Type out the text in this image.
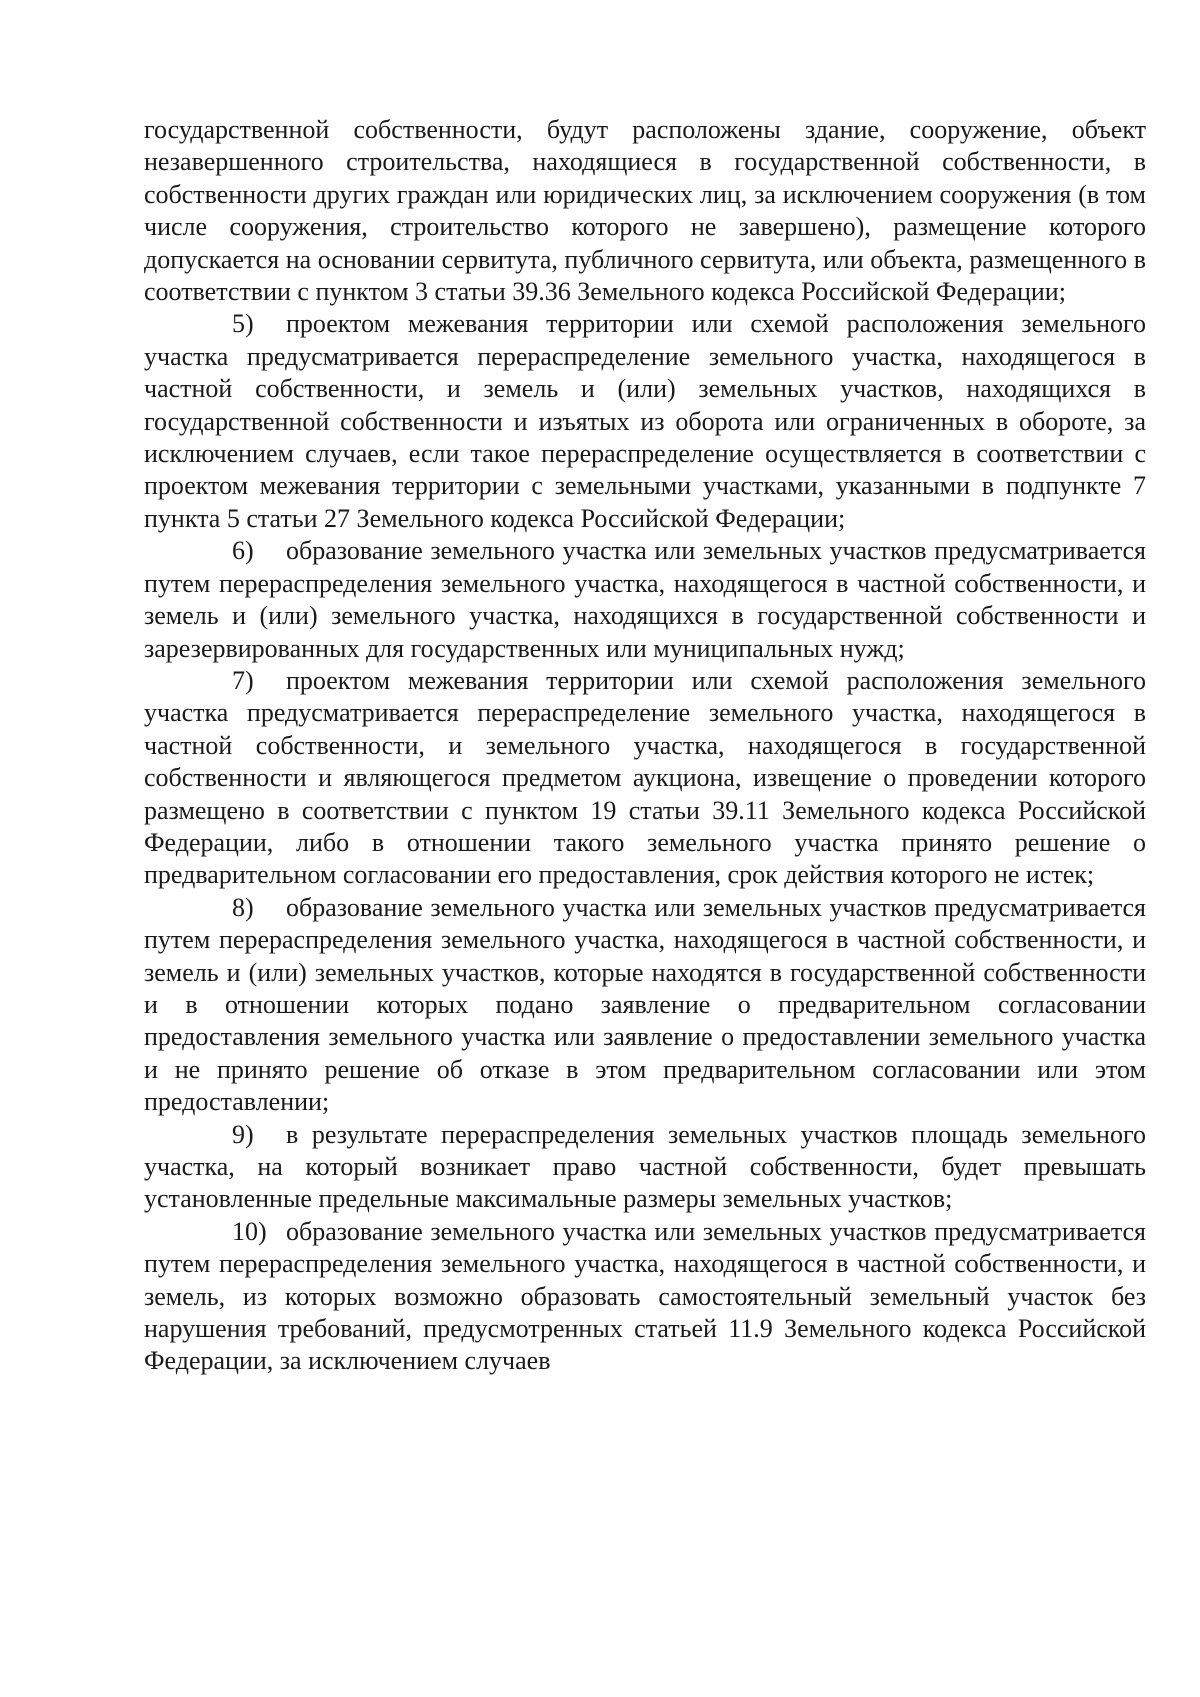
государственной собственности, будут расположены здание, сооружение, объект незавершенного строительства, находящиеся в государственной собственности, в собственности других граждан или юридических лиц, за исключением сооружения (в том числе сооружения, строительство которого не завершено), размещение которого допускается на основании сервитута, публичного сервитута, или объекта, размещенного в соответствии с пунктом 3 статьи 39.36 Земельного кодекса Российской Федерации;

5) проектом межевания территории или схемой расположения земельного участка предусматривается перераспределение земельного участка, находящегося в частной собственности, и земель и (или) земельных участков, находящихся в государственной собственности и изъятых из оборота или ограниченных в обороте, за исключением случаев, если такое перераспределение осуществляется в соответствии с проектом межевания территории с земельными участками, указанными в подпункте 7 пункта 5 статьи 27 Земельного кодекса Российской Федерации;

6) образование земельного участка или земельных участков предусматривается путем перераспределения земельного участка, находящегося в частной собственности, и земель и (или) земельного участка, находящихся в государственной собственности и зарезервированных для государственных или муниципальных нужд;

7) проектом межевания территории или схемой расположения земельного участка предусматривается перераспределение земельного участка, находящегося в частной собственности, и земельного участка, находящегося в государственной собственности и являющегося предметом аукциона, извещение о проведении которого размещено в соответствии с пунктом 19 статьи 39.11 Земельного кодекса Российской Федерации, либо в отношении такого земельного участка принято решение о предварительном согласовании его предоставления, срок действия которого не истек;

8) образование земельного участка или земельных участков предусматривается путем перераспределения земельного участка, находящегося в частной собственности, и земель и (или) земельных участков, которые находятся в государственной собственности и в отношении которых подано заявление о предварительном согласовании предоставления земельного участка или заявление о предоставлении земельного участка и не принято решение об отказе в этом предварительном согласовании или этом предоставлении;

9) в результате перераспределения земельных участков площадь земельного участка, на который возникает право частной собственности, будет превышать установленные предельные максимальные размеры земельных участков;

10) образование земельного участка или земельных участков предусматривается путем перераспределения земельного участка, находящегося в частной собственности, и земель, из которых возможно образовать самостоятельный земельный участок без нарушения требований, предусмотренных статьей 11.9 Земельного кодекса Российской Федерации, за исключением случаев
